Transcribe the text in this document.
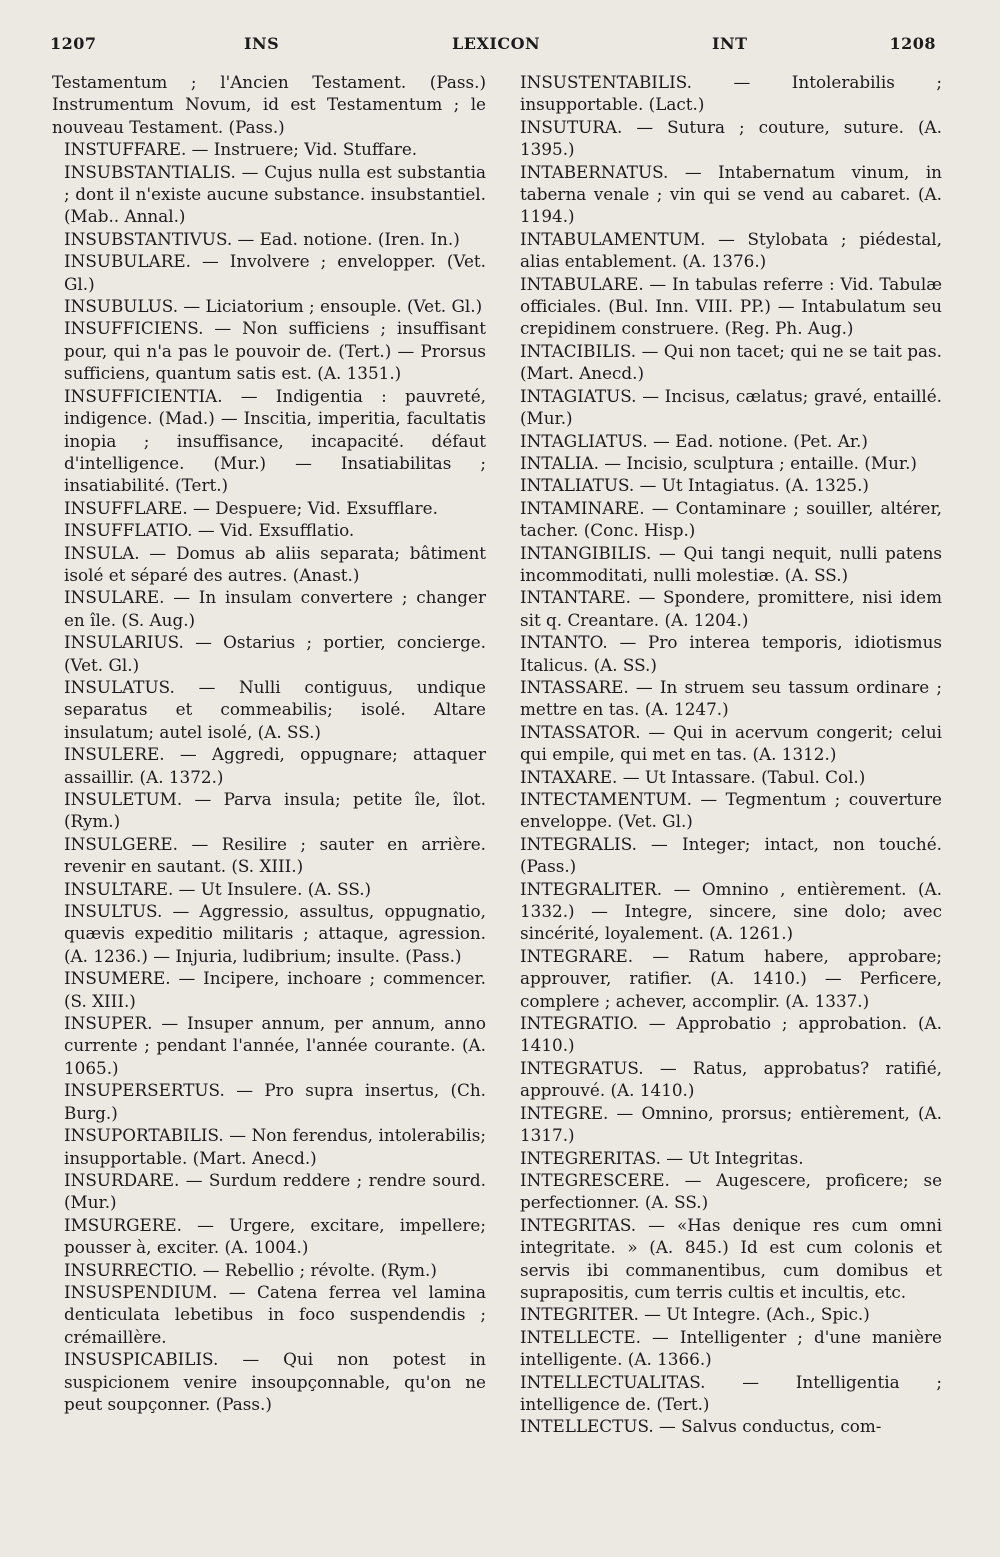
1207	INS	LEXICON	INT	1208

Testamentum ; l'Ancien Testament. (Pass.) Instrumentum Novum, id est Testamentum ; le nouveau Testament. (Pass.)

INSTUFFARE. — Instruere; Vid. Stuffare.

INSUBSTANTIALIS. — Cujus nulla est substantia ; dont il n'existe aucune substance. insubstantiel. (Mab.. Annal.)

INSUBSTANTIVUS. — Ead. notione. (Iren. In.)

INSUBULARE. — Involvere ; envelopper. (Vet. Gl.)

INSUBULUS. — Liciatorium ; ensouple. (Vet. Gl.)

INSUFFICIENS. — Non sufficiens ; insuffisant pour, qui n'a pas le pouvoir de. (Tert.) — Prorsus sufficiens, quantum satis est. (A. 1351.)

INSUFFICIENTIA. — Indigentia : pauvreté, indigence. (Mad.) — Inscitia, imperitia, facultatis inopia ; insuffisance, incapacité. défaut d'intelligence. (Mur.) — Insatiabilitas ; insatiabilité. (Tert.)

INSUFFLARE. — Despuere; Vid. Exsufflare.

INSUFFLATIO. — Vid. Exsufflatio.

INSULA. — Domus ab aliis separata; bâtiment isolé et séparé des autres. (Anast.)

INSULARE. — In insulam convertere ; changer en île. (S. Aug.)

INSULARIUS. — Ostarius ; portier, concierge. (Vet. Gl.)

INSULATUS. — Nulli contiguus, undique separatus et commeabilis; isolé. Altare insulatum; autel isolé, (A. SS.)

INSULERE. — Aggredi, oppugnare; attaquer assaillir. (A. 1372.)

INSULETUM. — Parva insula; petite île, îlot. (Rym.)

INSULGERE. — Resilire ; sauter en arrière. revenir en sautant. (S. XIII.)

INSULTARE. — Ut Insulere. (A. SS.)

INSULTUS. — Aggressio, assultus, oppugnatio, quævis expeditio militaris ; attaque, agression. (A. 1236.) — Injuria, ludibrium; insulte. (Pass.)

INSUMERE. — Incipere, inchoare ; commencer. (S. XIII.)

INSUPER. — Insuper annum, per annum, anno currente ; pendant l'année, l'année courante. (A. 1065.)

INSUPERSERTUS. — Pro supra insertus, (Ch. Burg.)

INSUPORTABILIS. — Non ferendus, intolerabilis; insupportable. (Mart. Anecd.)

INSURDARE. — Surdum reddere ; rendre sourd. (Mur.)

IMSURGERE. — Urgere, excitare, impellere; pousser à, exciter. (A. 1004.)

INSURRECTIO. — Rebellio ; révolte. (Rym.)

INSUSPENDIUM. — Catena ferrea vel lamina denticulata lebetibus in foco suspendendis ; crémaillère.

INSUSPICABILIS. — Qui non potest in suspicionem venire insoupçonnable, qu'on ne peut soupçonner. (Pass.)

INSUSTENTABILIS. — Intolerabilis ; insupportable. (Lact.)

INSUTURA. — Sutura ; couture, suture. (A. 1395.)

INTABERNATUS. — Intabernatum vinum, in taberna venale ; vin qui se vend au cabaret. (A. 1194.)

INTABULAMENTUM. — Stylobata ; piédestal, alias entablement. (A. 1376.)

INTABULARE. — In tabulas referre : Vid. Tabulæ officiales. (Bul. Inn. VIII. PP.) — Intabulatum seu crepidinem construere. (Reg. Ph. Aug.)

INTACIBILIS. — Qui non tacet; qui ne se tait pas. (Mart. Anecd.)

INTAGIATUS. — Incisus, cælatus; gravé, entaillé. (Mur.)

INTAGLIATUS. — Ead. notione. (Pet. Ar.)

INTALIA. — Incisio, sculptura ; entaille. (Mur.)

INTALIATUS. — Ut Intagiatus. (A. 1325.)

INTAMINARE. — Contaminare ; souiller, altérer, tacher. (Conc. Hisp.)

INTANGIBILIS. — Qui tangi nequit, nulli patens incommoditati, nulli molestiæ. (A. SS.)

INTANTARE. — Spondere, promittere, nisi idem sit q. Creantare. (A. 1204.)

INTANTO. — Pro interea temporis, idiotismus Italicus. (A. SS.)

INTASSARE. — In struem seu tassum ordinare ; mettre en tas. (A. 1247.)

INTASSATOR. — Qui in acervum congerit; celui qui empile, qui met en tas. (A. 1312.)

INTAXARE. — Ut Intassare. (Tabul. Col.)

INTECTAMENTUM. — Tegmentum ; couverture enveloppe. (Vet. Gl.)

INTEGRALIS. — Integer; intact, non touché. (Pass.)

INTEGRALITER. — Omnino , entièrement. (A. 1332.) — Integre, sincere, sine dolo; avec sincérité, loyalement. (A. 1261.)

INTEGRARE. — Ratum habere, approbare; approuver, ratifier. (A. 1410.) — Perficere, complere ; achever, accomplir. (A. 1337.)

INTEGRATIO. — Approbatio ; approbation. (A. 1410.)

INTEGRATUS. — Ratus, approbatus? ratifié, approuvé. (A. 1410.)

INTEGRE. — Omnino, prorsus; entièrement, (A. 1317.)

INTEGRERITAS. — Ut Integritas.

INTEGRESCERE. — Augescere, proficere; se perfectionner. (A. SS.)

INTEGRITAS. — «Has denique res cum omni integritate. » (A. 845.) Id est cum colonis et servis ibi commanentibus, cum domibus et suprapositis, cum terris cultis et incultis, etc.

INTEGRITER. — Ut Integre. (Ach., Spic.)

INTELLECTE. — Intelligenter ; d'une manière intelligente. (A. 1366.)

INTELLECTUALITAS. — Intelligentia ; intelligence de. (Tert.)

INTELLECTUS. — Salvus conductus, com-
